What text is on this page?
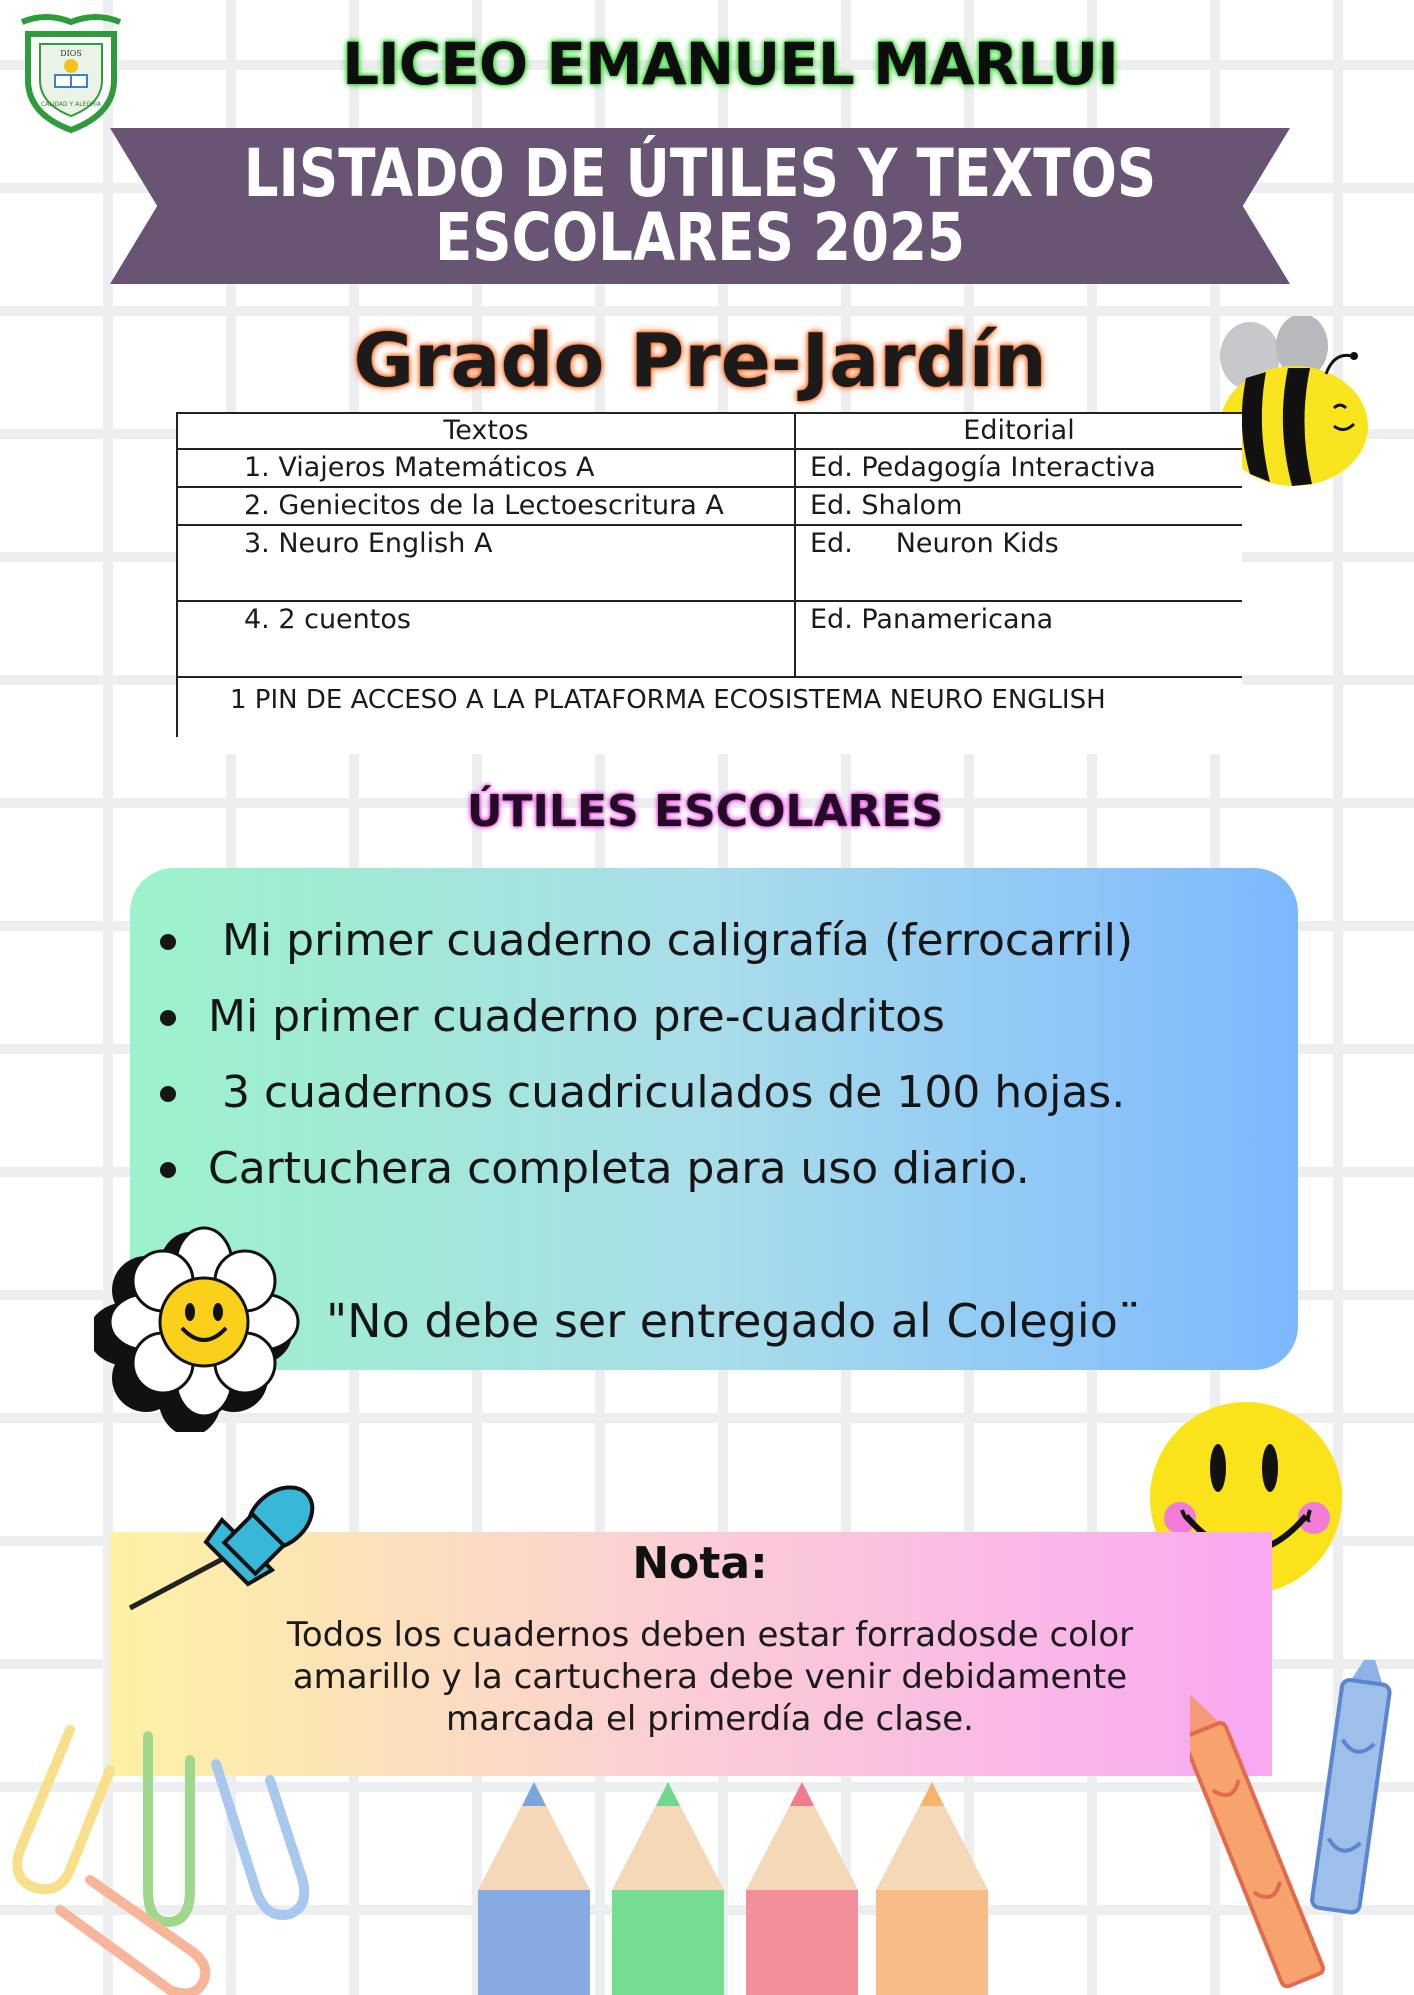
DIOS
CALIDAD Y ALEGRIA
LICEO EMANUEL MARLUI
LISTADO DE ÚTILES Y TEXTOS
ESCOLARES 2025
Grado Pre-Jardín
Textos	Editorial
1. Viajeros Matemáticos A	Ed. Pedagogía Interactiva
2. Geniecitos de la Lectoescritura A	Ed. Shalom
3. Neuro English A	Ed.     Neuron Kids
4. 2 cuentos	Ed. Panamericana
1 PIN DE ACCESO A LA PLATAFORMA ECOSISTEMA NEURO ENGLISH	
ÚTILES ESCOLARES
Mi primer cuaderno caligrafía (ferrocarril)
Mi primer cuaderno pre-cuadritos
3 cuadernos cuadriculados de 100 hojas.
Cartuchera completa para uso diario.
"No debe ser entregado al Colegio¨
Nota:
Todos los cuadernos deben estar forradosde color
amarillo y la cartuchera debe venir debidamente
marcada el primerdía de clase.
